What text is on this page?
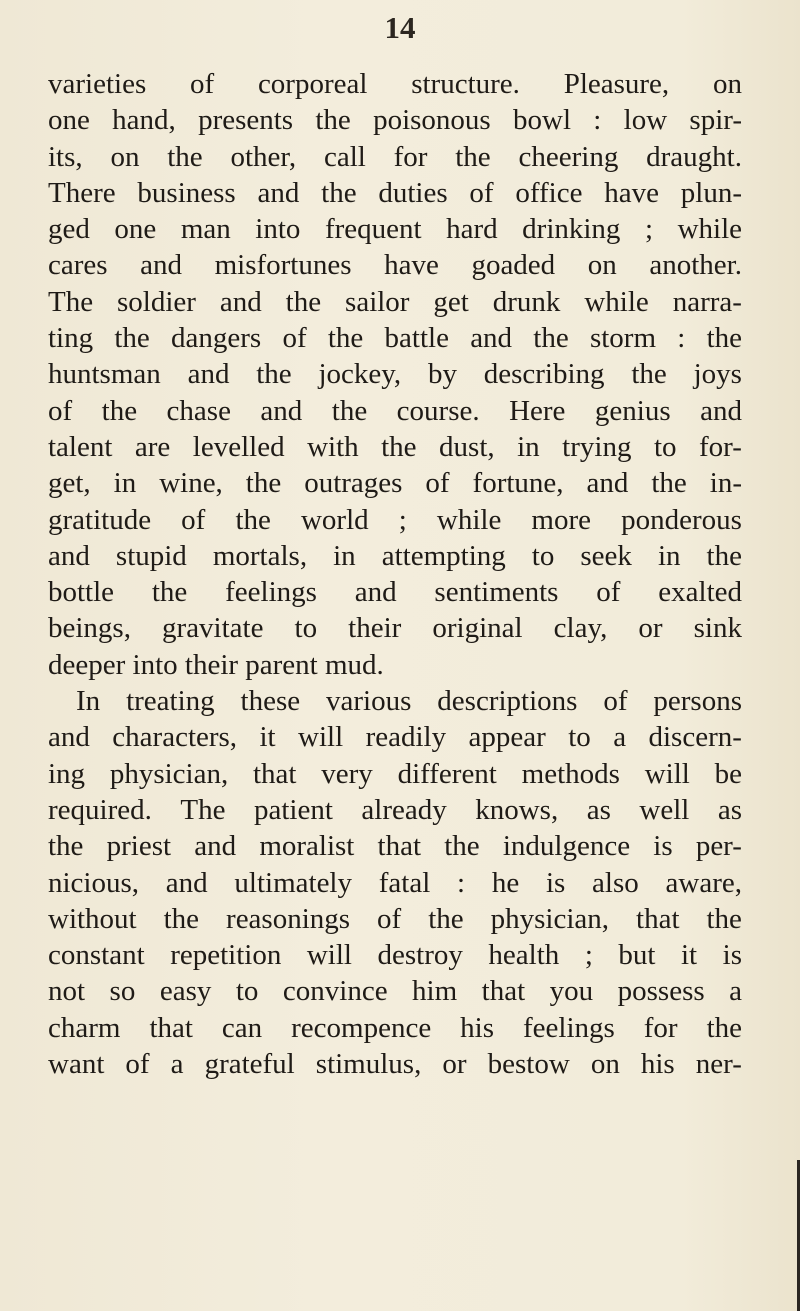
14
varieties of corporeal structure. Pleasure, on
one hand, presents the poisonous bowl : low spir-
its, on the other, call for the cheering draught.
There business and the duties of office have plun-
ged one man into frequent hard drinking ; while
cares and misfortunes have goaded on another.
The soldier and the sailor get drunk while narra-
ting the dangers of the battle and the storm : the
huntsman and the jockey, by describing the joys
of the chase and the course. Here genius and
talent are levelled with the dust, in trying to for-
get, in wine, the outrages of fortune, and the in-
gratitude of the world ; while more ponderous
and stupid mortals, in attempting to seek in the
bottle the feelings and sentiments of exalted
beings, gravitate to their original clay, or sink
deeper into their parent mud.
In treating these various descriptions of persons
and characters, it will readily appear to a discern-
ing physician, that very different methods will be
required. The patient already knows, as well as
the priest and moralist that the indulgence is per-
nicious, and ultimately fatal : he is also aware,
without the reasonings of the physician, that the
constant repetition will destroy health ; but it is
not so easy to convince him that you possess a
charm that can recompence his feelings for the
want of a grateful stimulus, or bestow on his ner-
